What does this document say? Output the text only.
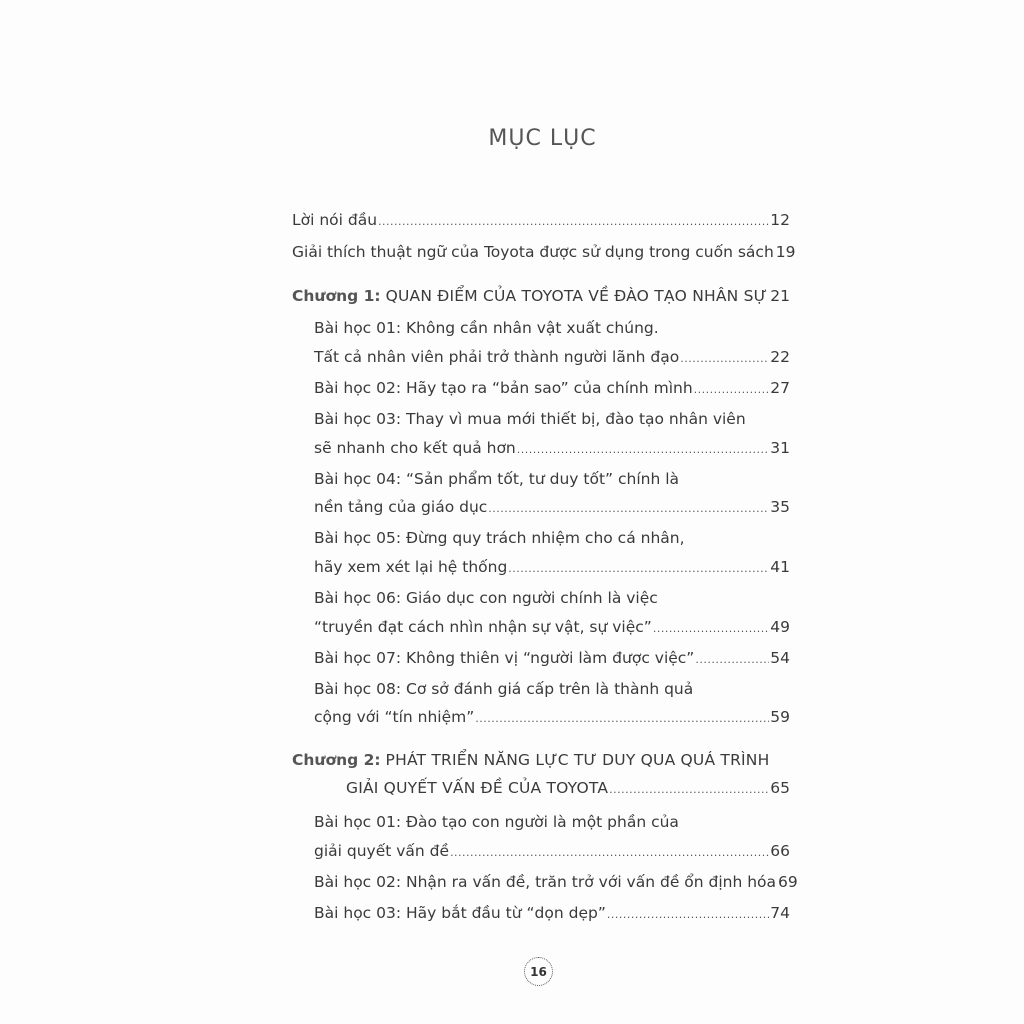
MỤC LỤC
Lời nói đầu .....	12
Giải thích thuật ngữ của Toyota được sử dụng trong cuốn sách 19
Chương 1: QUAN ĐIỂM CỦA TOYOTA VỀ ĐÀO TẠO NHÂN SỰ ..... 21
Bài học 01: Không cần nhân vật xuất chúng.
Tất cả nhân viên phải trở thành người lãnh đạo .....	22
Bài học 02: Hãy tạo ra “bản sao” của chính mình .....	27
Bài học 03: Thay vì mua mới thiết bị, đào tạo nhân viên
sẽ nhanh cho kết quả hơn .....	31
Bài học 04: “Sản phẩm tốt, tư duy tốt” chính là
nền tảng của giáo dục .....	35
Bài học 05: Đừng quy trách nhiệm cho cá nhân,
hãy xem xét lại hệ thống .....	41
Bài học 06: Giáo dục con người chính là việc
“truyền đạt cách nhìn nhận sự vật, sự việc” .....	49
Bài học 07: Không thiên vị “người làm được việc” .....	54
Bài học 08: Cơ sở đánh giá cấp trên là thành quả
cộng với “tín nhiệm” .....	59
Chương 2: PHÁT TRIỂN NĂNG LỰC TƯ DUY QUA QUÁ TRÌNH
GIẢI QUYẾT VẤN ĐỀ CỦA TOYOTA .....	65
Bài học 01: Đào tạo con người là một phần của
giải quyết vấn đề .....	66
Bài học 02: Nhận ra vấn đề, trăn trở với vấn đề ổn định hóa 69
Bài học 03: Hãy bắt đầu từ “dọn dẹp” .....	74
16
